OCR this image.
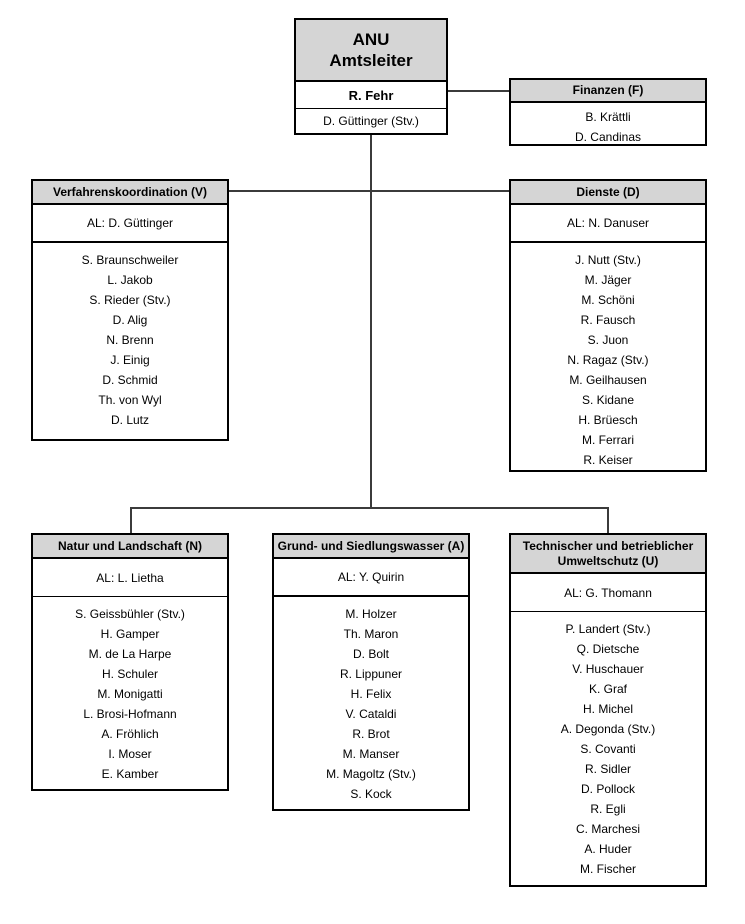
ANU
Amtsleiter
R. Fehr
D. Güttinger (Stv.)
Finanzen (F)
B. Krättli
D. Candinas
Verfahrenskoordination (V)
AL: D. Güttinger
S. Braunschweiler
L. Jakob
S. Rieder (Stv.)
D. Alig
N. Brenn
J. Einig
D. Schmid
Th. von Wyl
D. Lutz
Dienste (D)
AL: N. Danuser
J. Nutt (Stv.)
M. Jäger
M. Schöni
R. Fausch
S. Juon
N. Ragaz (Stv.)
M. Geilhausen
S. Kidane
H. Brüesch
M. Ferrari
R. Keiser
Natur und Landschaft (N)
AL: L. Lietha
S. Geissbühler (Stv.)
H. Gamper
M. de La Harpe
H. Schuler
M. Monigatti
L. Brosi-Hofmann
A. Fröhlich
I. Moser
E. Kamber
Grund- und Siedlungswasser (A)
AL: Y. Quirin
M. Holzer
Th. Maron
D. Bolt
R. Lippuner
H. Felix
V. Cataldi
R. Brot
M. Manser
M. Magoltz (Stv.)
S. Kock
Technischer und betrieblicher
Umweltschutz (U)
AL: G. Thomann
P. Landert (Stv.)
Q. Dietsche
V. Huschauer
K. Graf
H. Michel
A. Degonda (Stv.)
S. Covanti
R. Sidler
D. Pollock
R. Egli
C. Marchesi
A. Huder
M. Fischer
